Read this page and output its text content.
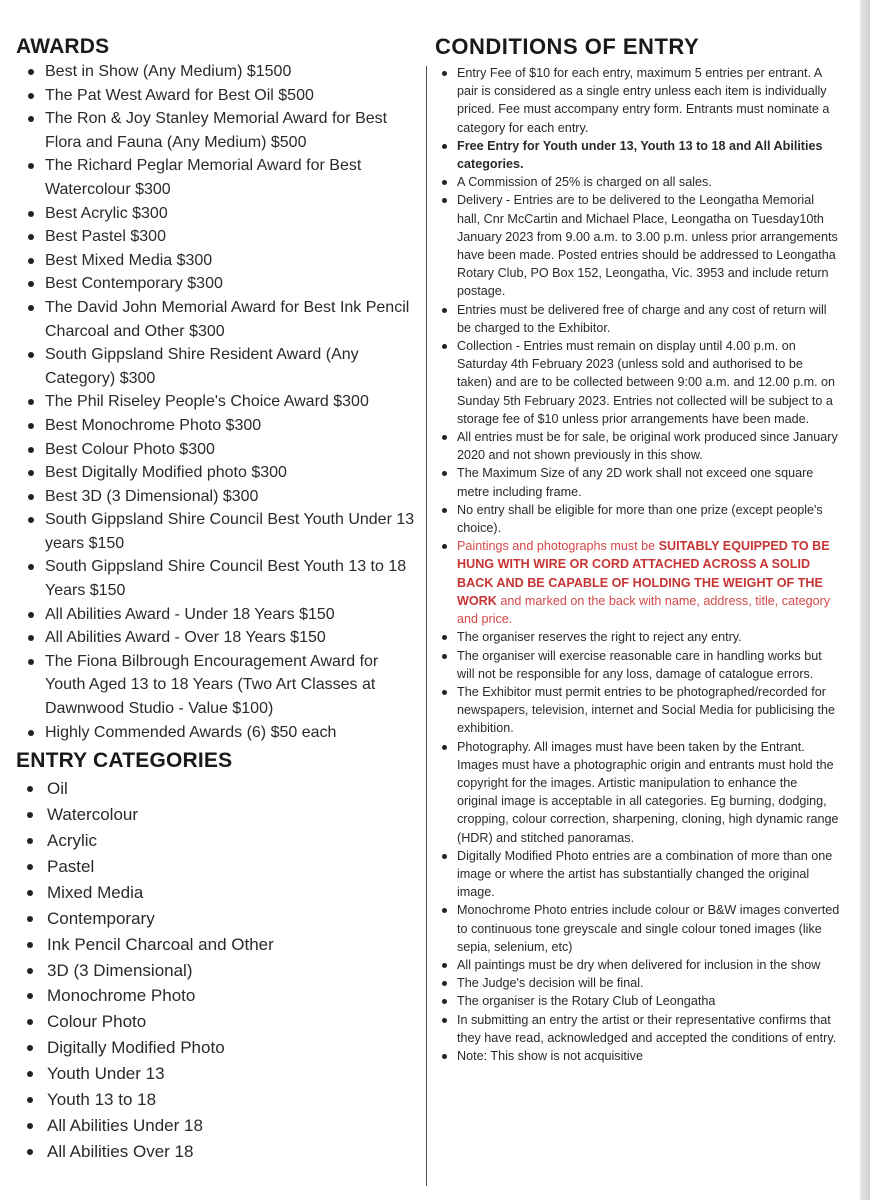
AWARDS
Best in Show (Any Medium) $1500
The Pat West Award for Best Oil $500
The Ron & Joy Stanley Memorial Award for Best Flora and Fauna (Any Medium) $500
The Richard Peglar Memorial Award for Best Watercolour $300
Best Acrylic $300
Best Pastel $300
Best Mixed Media $300
Best Contemporary $300
The David John Memorial Award for Best Ink Pencil Charcoal and Other $300
South Gippsland Shire Resident Award (Any Category) $300
The Phil Riseley People's Choice Award $300
Best Monochrome Photo $300
Best Colour Photo $300
Best Digitally Modified photo $300
Best 3D (3 Dimensional) $300
South Gippsland Shire Council Best Youth Under 13 years $150
South Gippsland Shire Council Best Youth 13 to 18 Years $150
All Abilities Award - Under 18 Years $150
All Abilities Award - Over 18 Years $150
The Fiona Bilbrough Encouragement Award for Youth Aged 13 to 18 Years (Two Art Classes at Dawnwood Studio - Value $100)
Highly Commended Awards (6) $50 each
ENTRY CATEGORIES
Oil
Watercolour
Acrylic
Pastel
Mixed Media
Contemporary
Ink Pencil Charcoal and Other
3D (3 Dimensional)
Monochrome Photo
Colour Photo
Digitally Modified Photo
Youth Under 13
Youth 13 to 18
All Abilities Under 18
All Abilities Over 18
CONDITIONS OF ENTRY
Entry Fee of $10 for each entry, maximum 5 entries per entrant. A pair is considered as a single entry unless each item is individually priced. Fee must accompany entry form. Entrants must nominate a category for each entry.
Free Entry for Youth under 13, Youth 13 to 18 and All Abilities categories.
A Commission of 25% is charged on all sales.
Delivery - Entries are to be delivered to the Leongatha Memorial hall, Cnr McCartin and Michael Place, Leongatha on Tuesday10th January 2023 from 9.00 a.m. to 3.00 p.m. unless prior arrangements have been made. Posted entries should be addressed to Leongatha Rotary Club, PO Box 152, Leongatha, Vic. 3953 and include return postage.
Entries must be delivered free of charge and any cost of return will be charged to the Exhibitor.
Collection - Entries must remain on display until 4.00 p.m. on Saturday 4th February 2023 (unless sold and authorised to be taken) and are to be collected between 9:00 a.m. and 12.00 p.m. on Sunday 5th February 2023. Entries not collected will be subject to a storage fee of $10 unless prior arrangements have been made.
All entries must be for sale, be original work produced since January 2020 and not shown previously in this show.
The Maximum Size of any 2D work shall not exceed one square metre including frame.
No entry shall be eligible for more than one prize (except people's choice).
Paintings and photographs must be SUITABLY EQUIPPED TO BE HUNG WITH WIRE OR CORD ATTACHED ACROSS A SOLID BACK AND BE CAPABLE OF HOLDING THE WEIGHT OF THE WORK and marked on the back with name, address, title, category and price.
The organiser reserves the right to reject any entry.
The organiser will exercise reasonable care in handling works but will not be responsible for any loss, damage of catalogue errors.
The Exhibitor must permit entries to be photographed/recorded for newspapers, television, internet and Social Media for publicising the exhibition.
Photography. All images must have been taken by the Entrant. Images must have a photographic origin and entrants must hold the copyright for the images. Artistic manipulation to enhance the original image is acceptable in all categories. Eg burning, dodging, cropping, colour correction, sharpening, cloning, high dynamic range (HDR) and stitched panoramas.
Digitally Modified Photo entries are a combination of more than one image or where the artist has substantially changed the original image.
Monochrome Photo entries include colour or B&W images converted to continuous tone greyscale and single colour toned images (like sepia, selenium, etc)
All paintings must be dry when delivered for inclusion in the show
The Judge's decision will be final.
The organiser is the Rotary Club of Leongatha
In submitting an entry the artist or their representative confirms that they have read, acknowledged and accepted the conditions of entry.
Note: This show is not acquisitive
